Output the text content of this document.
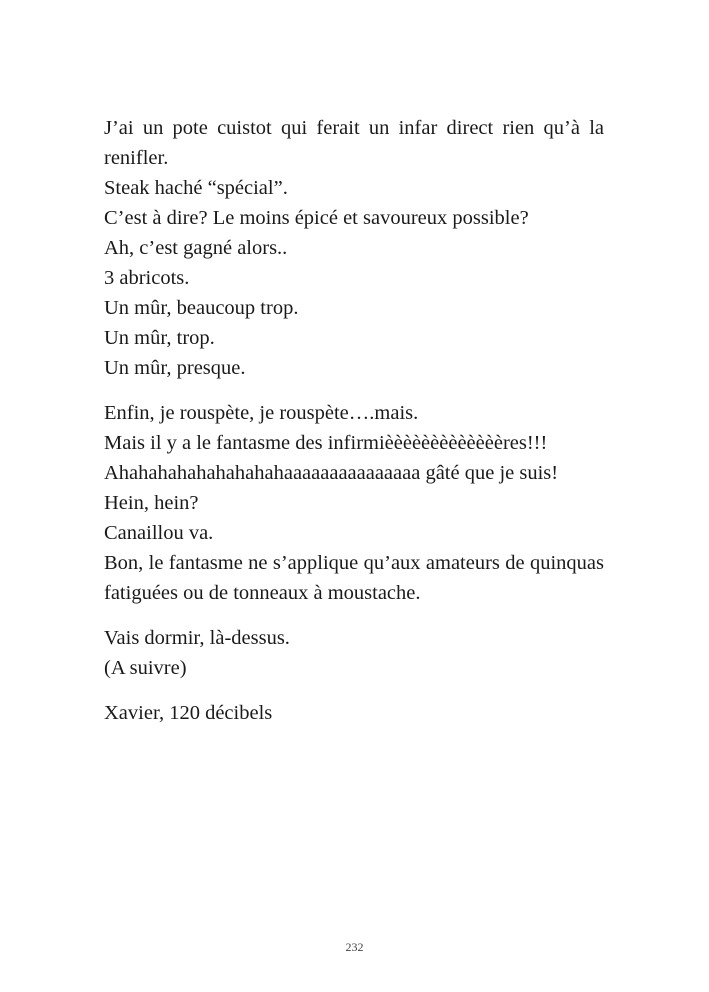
J’ai un pote cuistot qui ferait un infar direct rien qu’à la renifler.
Steak haché “spécial”.
C’est à dire? Le moins épicé et savoureux possible?
Ah, c’est gagné alors..
3 abricots.
Un mûr, beaucoup trop.
Un mûr, trop.
Un mûr, presque.
Enfin, je rouspète, je rouspète….mais.
Mais il y a le fantasme des infirmièèèèèèèèèèèèères!!!
Ahahahahahahahahahaaaaaaaaaaaaaaa gâté que je suis!
Hein, hein?
Canaillou va.
Bon, le fantasme ne s’applique qu’aux amateurs de quinquas fatiguées ou de tonneaux à moustache.
Vais dormir, là-dessus.
(A suivre)
Xavier, 120 décibels
232
